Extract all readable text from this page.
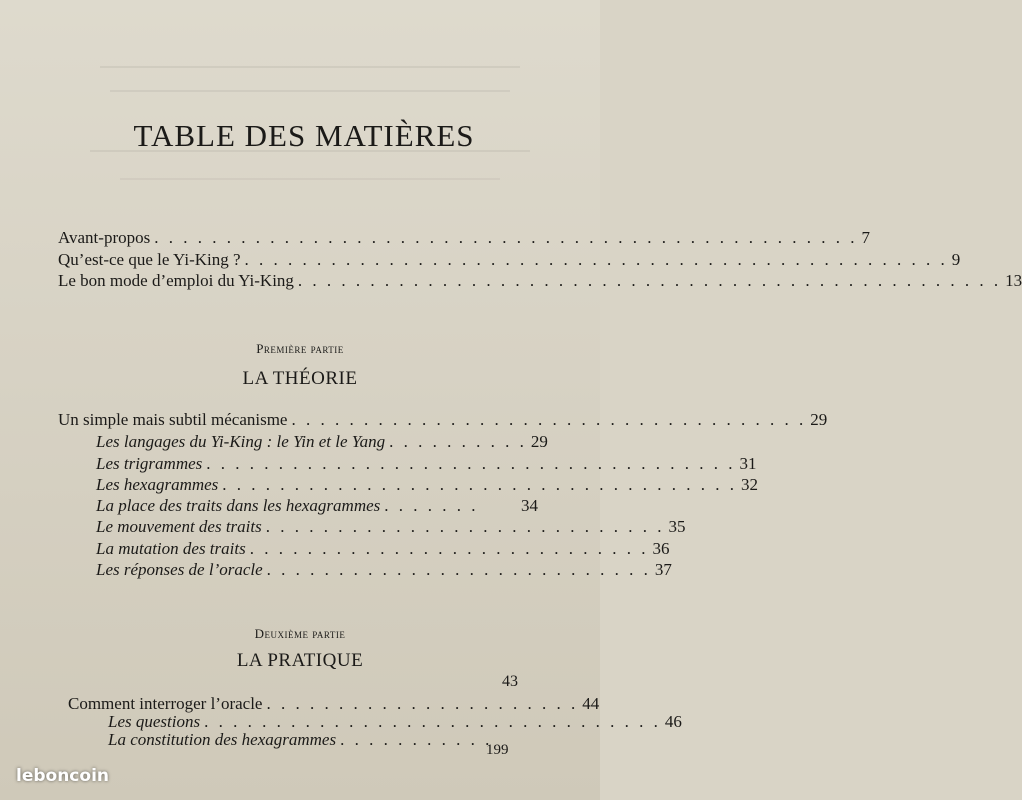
TABLE DES MATIÈRES
Avant-propos . . . . . . . . . . . . . . . . . . . . . . . . . . . . . . . . . . . . . . . . . . . . . . . . . 7
Qu’est-ce que le Yi-King ? . . . . . . . . . . . . . . . . . . . . . . . . . . . . . . . . . . . . . . . . . . . . . . . . . 9
Le bon mode d’emploi du Yi-King . . . . . . . . . . . . . . . . . . . . . . . . . . . . . . . . . . . . . . . . . . . . . . . . . 13
Première partie
LA THÉORIE
Un simple mais subtil mécanisme . . . . . . . . . . . . . . . . . . . . . . . . . . . . . . . . . . . . 29
Les langages du Yi-King : le Yin et le Yang . . . . . . . . . . 29
Les trigrammes . . . . . . . . . . . . . . . . . . . . . . . . . . . . . . . . . . . . . 31
Les hexagrammes . . . . . . . . . . . . . . . . . . . . . . . . . . . . . . . . . . . . 32
La place des traits dans les hexagrammes . . . . . . .	34
Le mouvement des traits . . . . . . . . . . . . . . . . . . . . . . . . . . . . 35
La mutation des traits . . . . . . . . . . . . . . . . . . . . . . . . . . . . 36
Les réponses de l’oracle . . . . . . . . . . . . . . . . . . . . . . . . . . . 37
Deuxième partie
LA PRATIQUE
43
Comment interroger l’oracle . . . . . . . . . . . . . . . . . . . . . . 44
Les questions . . . . . . . . . . . . . . . . . . . . . . . . . . . . . . . . 46
La constitution des hexagrammes . . . . . . . . . . .
199
leboncoin
